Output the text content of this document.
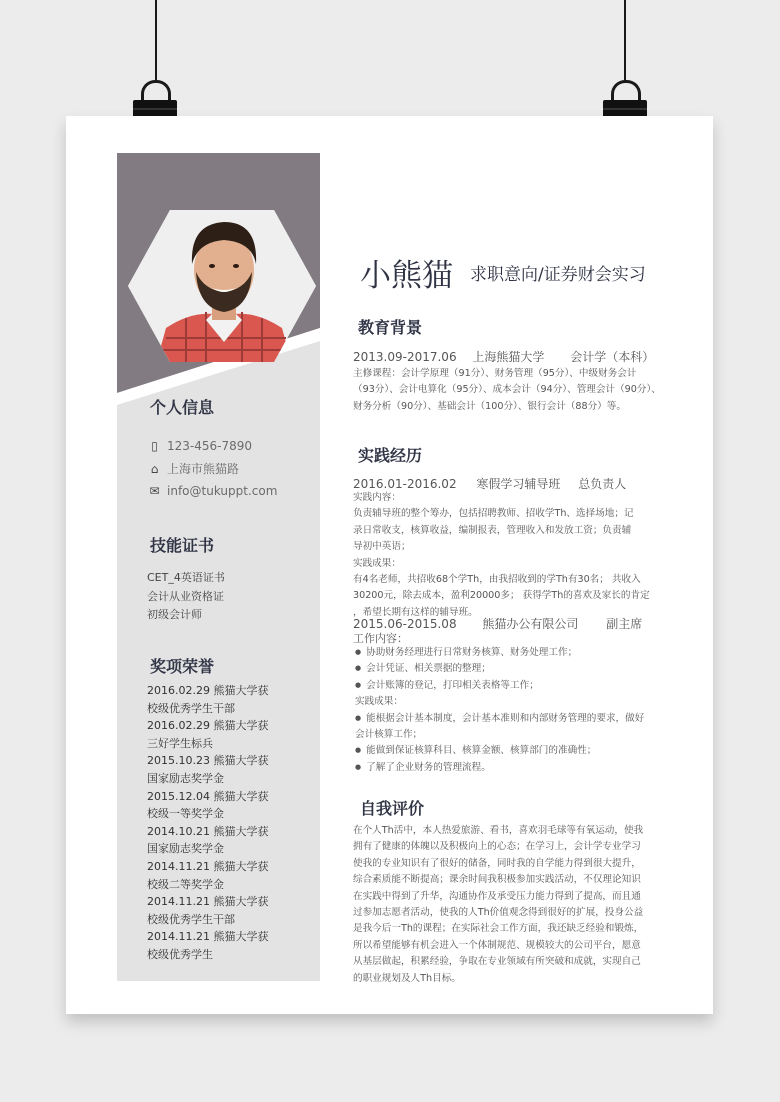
小熊猫 求职意向/证券财会实习
个人信息
▯ 123-456-7890
⌂ 上海市熊猫路
✉ info@tukuppt.com
技能证书
CET_4英语证书
会计从业资格证
初级会计师
奖项荣誉
2016.02.29 熊猫大学获
校级优秀学生干部
2016.02.29 熊猫大学获
三好学生标兵
2015.10.23 熊猫大学获
国家励志奖学金
2015.12.04 熊猫大学获
校级一等奖学金
2014.10.21 熊猫大学获
国家励志奖学金
2014.11.21 熊猫大学获
校级二等奖学金
2014.11.21 熊猫大学获
校级优秀学生干部
2014.11.21 熊猫大学获
校级优秀学生
教育背景
2013.09-2017.06 上海熊猫大学 会计学（本科）
主修课程：会计学原理（91分）、财务管理（95分）、中级财务会计
（93分）、会计电算化（95分）、成本会计（94分）、管理会计（90分）、
财务分析（90分）、基础会计（100分）、银行会计（88分）等。
实践经历
2016.01-2016.02 寒假学习辅导班 总负责人
实践内容：
负责辅导班的整个筹办，包括招聘教师、招收学Th、选择场地；记
录日常收支，核算收益，编制报表，管理收入和发放工资；负责辅
导初中英语；
实践成果：
有4名老师，共招收68个学Th，由我招收到的学Th有30名； 共收入
30200元，除去成本，盈利20000多； 获得学Th的喜欢及家长的肯定
，希望长期有这样的辅导班。
2015.06-2015.08 熊猫办公有限公司 副主席
工作内容：
● 协助财务经理进行日常财务核算、财务处理工作；
● 会计凭证、相关票据的整理；
● 会计账簿的登记，打印相关表格等工作；
实践成果：
● 能根据会计基本制度，会计基本准则和内部财务管理的要求，做好
会计核算工作；
● 能做到保证核算科目、核算金额、核算部门的准确性；
● 了解了企业财务的管理流程。
自我评价
在个人Th活中，本人热爱旅游、看书，喜欢羽毛球等有氧运动，使我
拥有了健康的体魄以及积极向上的心态；在学习上，会计学专业学习
使我的专业知识有了很好的储备，同时我的自学能力得到很大提升，
综合素质能不断提高；课余时间我积极参加实践活动，不仅理论知识
在实践中得到了升华，沟通协作及承受压力能力得到了提高，而且通
过参加志愿者活动，使我的人Th价值观念得到很好的扩展，投身公益
是我今后一Th的课程；在实际社会工作方面，我还缺乏经验和锻炼，
所以希望能够有机会进入一个体制规范、规模较大的公司平台，愿意
从基层做起，积累经验，争取在专业领域有所突破和成就，实现自己
的职业规划及人Th目标。
